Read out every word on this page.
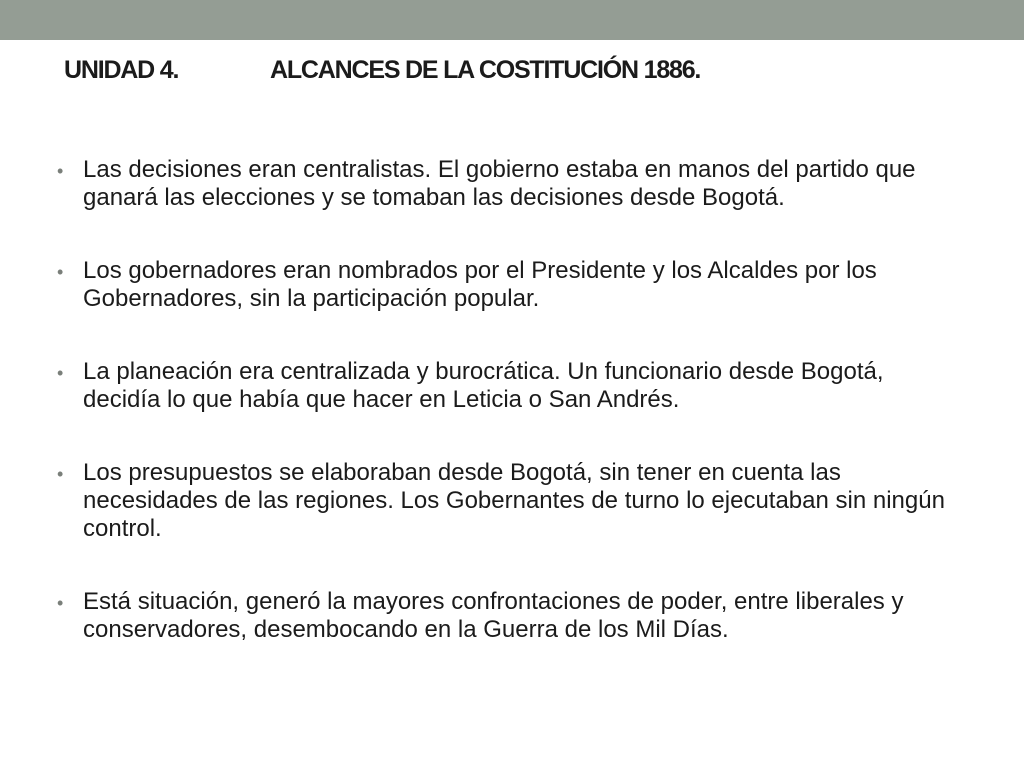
UNIDAD 4.	ALCANCES DE LA COSTITUCIÓN 1886.
• Las decisiones eran centralistas. El gobierno estaba en manos del partido que ganará las elecciones y se tomaban las decisiones desde Bogotá.
• Los gobernadores eran nombrados por el Presidente y los Alcaldes por los Gobernadores, sin la participación popular.
• La planeación era centralizada y burocrática. Un funcionario desde Bogotá, decidía lo que había que hacer en Leticia o San Andrés.
• Los presupuestos se elaboraban desde Bogotá, sin tener en cuenta las necesidades de las regiones. Los Gobernantes de turno lo ejecutaban sin ningún control.
• Está situación, generó la mayores confrontaciones de poder, entre liberales y conservadores, desembocando en la Guerra de los Mil Días.
